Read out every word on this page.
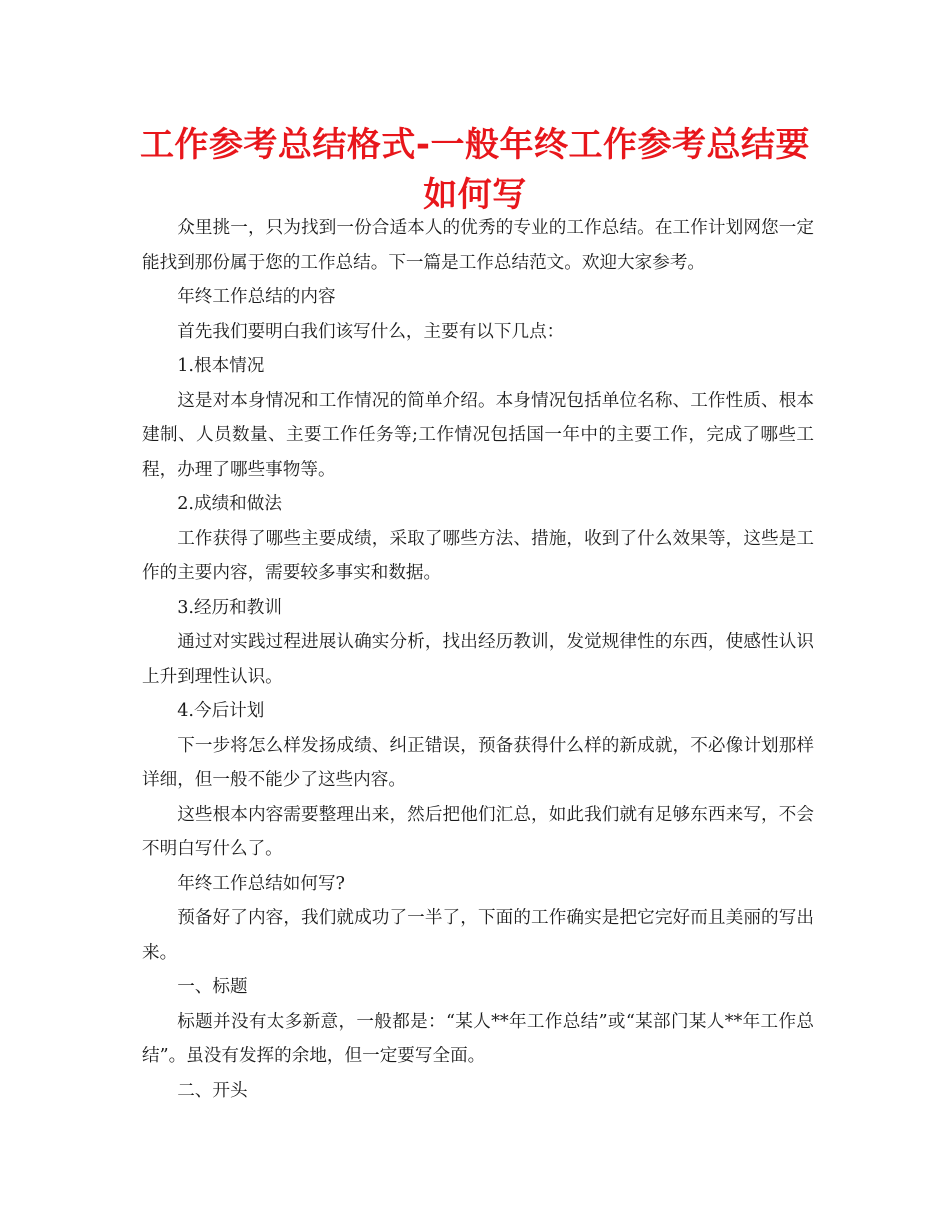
工作参考总结格式-一般年终工作参考总结要如何写

众里挑一，只为找到一份合适本人的优秀的专业的工作总结。在工作计划网您一定能找到那份属于您的工作总结。下一篇是工作总结范文。欢迎大家参考。

年终工作总结的内容

首先我们要明白我们该写什么，主要有以下几点：

1.根本情况

这是对本身情况和工作情况的简单介绍。本身情况包括单位名称、工作性质、根本建制、人员数量、主要工作任务等;工作情况包括国一年中的主要工作，完成了哪些工程，办理了哪些事物等。

2.成绩和做法

工作获得了哪些主要成绩，采取了哪些方法、措施，收到了什么效果等，这些是工作的主要内容，需要较多事实和数据。

3.经历和教训

通过对实践过程进展认确实分析，找出经历教训，发觉规律性的东西，使感性认识上升到理性认识。

4.今后计划

下一步将怎么样发扬成绩、纠正错误，预备获得什么样的新成就，不必像计划那样详细，但一般不能少了这些内容。

这些根本内容需要整理出来，然后把他们汇总，如此我们就有足够东西来写，不会不明白写什么了。

年终工作总结如何写?

预备好了内容，我们就成功了一半了，下面的工作确实是把它完好而且美丽的写出来。

一、标题

标题并没有太多新意，一般都是：“某人**年工作总结”或“某部门某人**年工作总结”。虽没有发挥的余地，但一定要写全面。

二、开头
